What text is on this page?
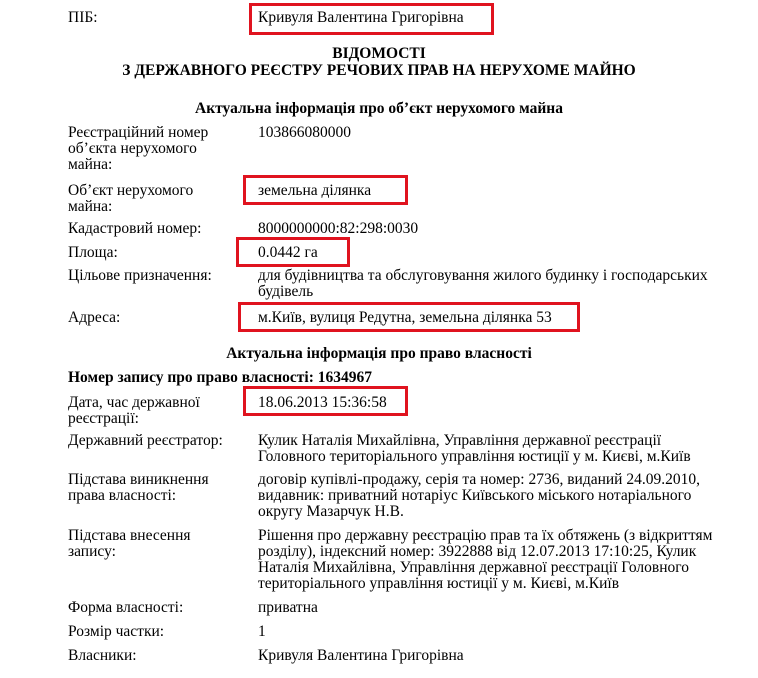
ПІБ:	Кривуля Валентина Григорівна
ВІДОМОСТІ
З ДЕРЖАВНОГО РЕЄСТРУ РЕЧОВИХ ПРАВ НА НЕРУХОМЕ МАЙНО
Актуальна інформація про об’єкт нерухомого майна
Реєстраційний номер об’єкта нерухомого майна:
103866080000
Об’єкт нерухомого майна:
земельна ділянка
Кадастровий номер:	8000000000:82:298:0030
Площа:	0.0442 га
Цільове призначення:	для будівництва та обслуговування жилого будинку і господарських будівель
Адреса:	м.Київ, вулиця Редутна, земельна ділянка 53
Актуальна інформація про право власності
Номер запису про право власності: 1634967
Дата, час державної реєстрації:
18.06.2013 15:36:58
Державний реєстратор:	Кулик Наталія Михайлівна, Управління державної реєстрації Головного територіального управління юстиції у м. Києві, м.Київ
Підстава виникнення права власності:
договір купівлі-продажу, серія та номер: 2736, виданий 24.09.2010, видавник: приватний нотаріус Київського міського нотаріального округу Мазарчук Н.В.
Підстава внесення запису:
Рішення про державну реєстрацію прав та їх обтяжень (з відкриттям розділу), індексний номер: 3922888 від 12.07.2013 17:10:25, Кулик Наталія Михайлівна, Управління державної реєстрації Головного територіального управління юстиції у м. Києві, м.Київ
Форма власності:	приватна
Розмір частки:	1
Власники:	Кривуля Валентина Григорівна
